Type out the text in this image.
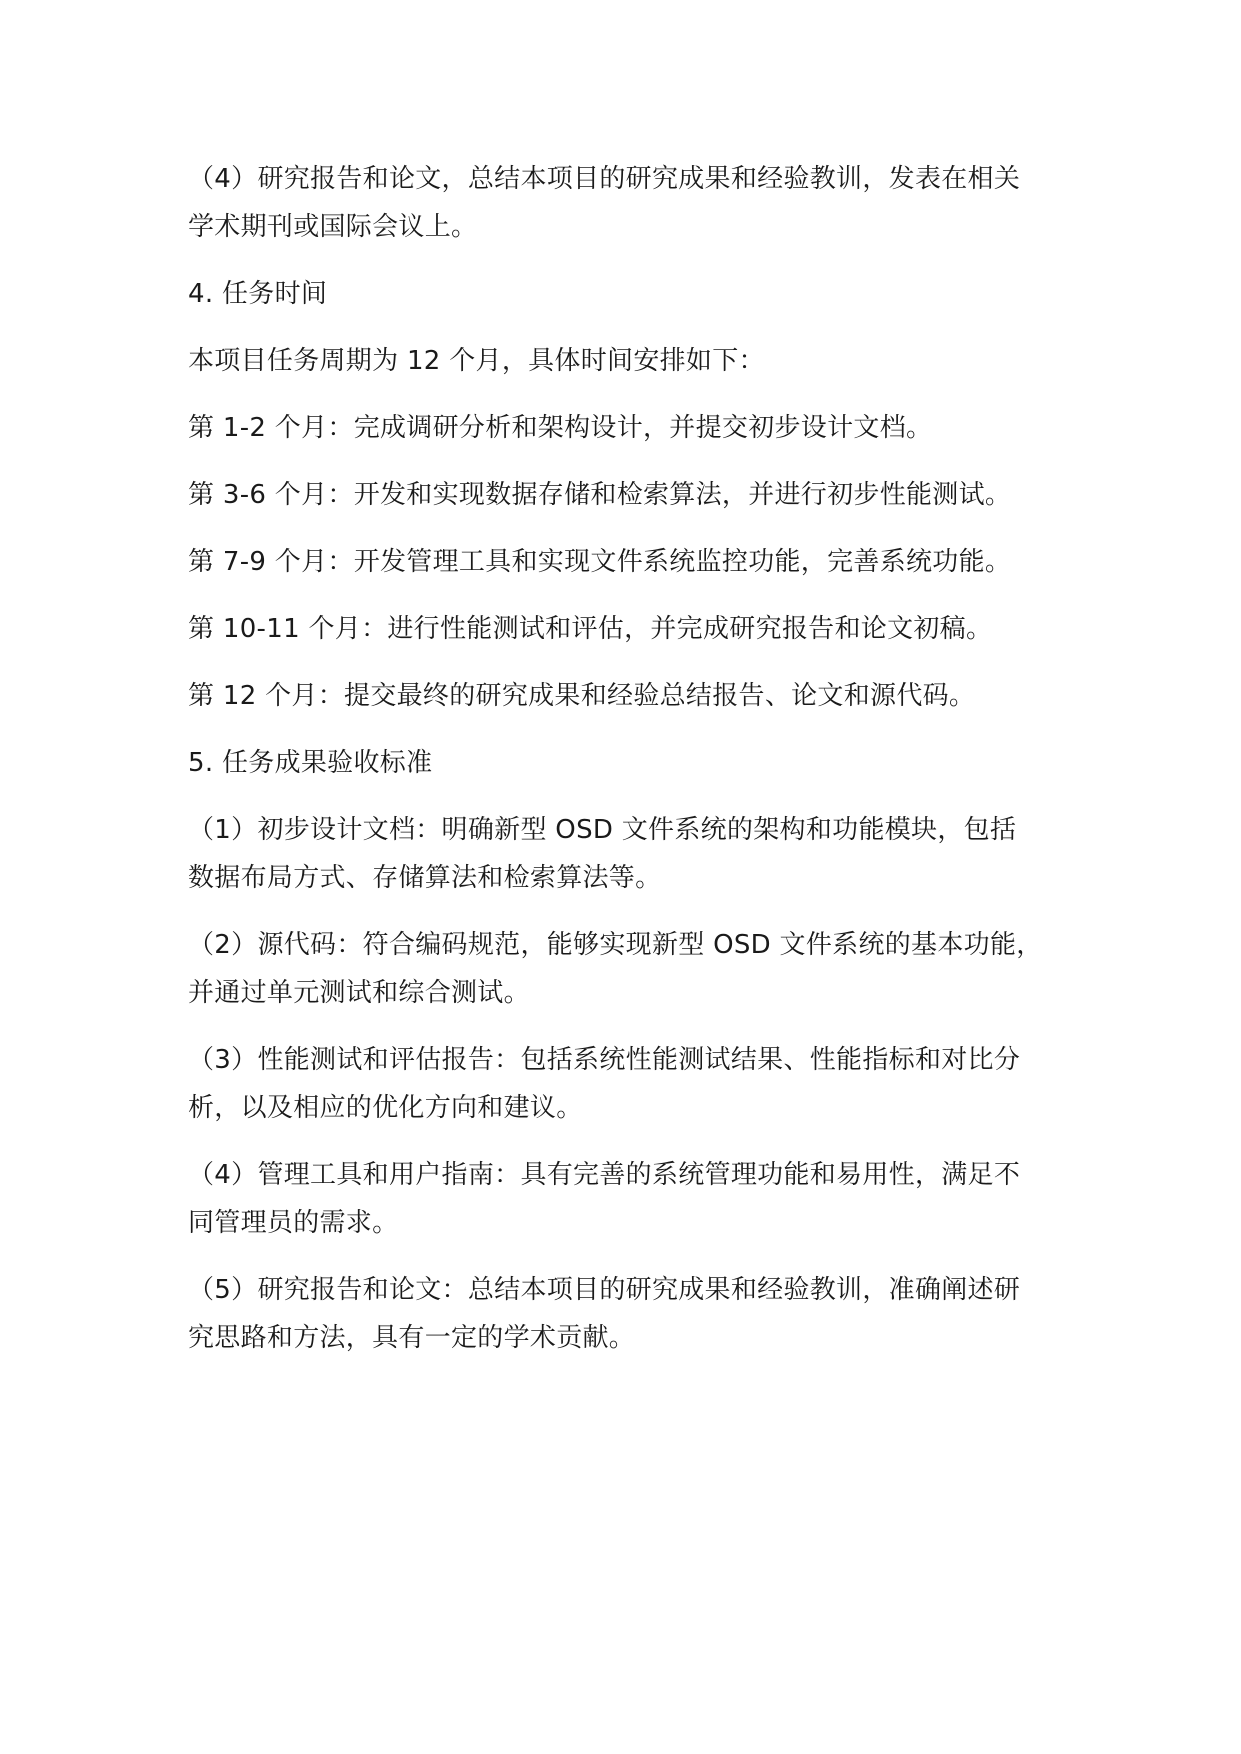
（4）研究报告和论文，总结本项目的研究成果和经验教训，发表在相关
学术期刊或国际会议上。

4. 任务时间

本项目任务周期为 12 个月，具体时间安排如下：

第 1-2 个月：完成调研分析和架构设计，并提交初步设计文档。

第 3-6 个月：开发和实现数据存储和检索算法，并进行初步性能测试。

第 7-9 个月：开发管理工具和实现文件系统监控功能，完善系统功能。

第 10-11 个月：进行性能测试和评估，并完成研究报告和论文初稿。

第 12 个月：提交最终的研究成果和经验总结报告、论文和源代码。

5. 任务成果验收标准

（1）初步设计文档：明确新型 OSD 文件系统的架构和功能模块，包括
数据布局方式、存储算法和检索算法等。

（2）源代码：符合编码规范，能够实现新型 OSD 文件系统的基本功能，
并通过单元测试和综合测试。

（3）性能测试和评估报告：包括系统性能测试结果、性能指标和对比分
析，以及相应的优化方向和建议。

（4）管理工具和用户指南：具有完善的系统管理功能和易用性，满足不
同管理员的需求。

（5）研究报告和论文：总结本项目的研究成果和经验教训，准确阐述研
究思路和方法，具有一定的学术贡献。
